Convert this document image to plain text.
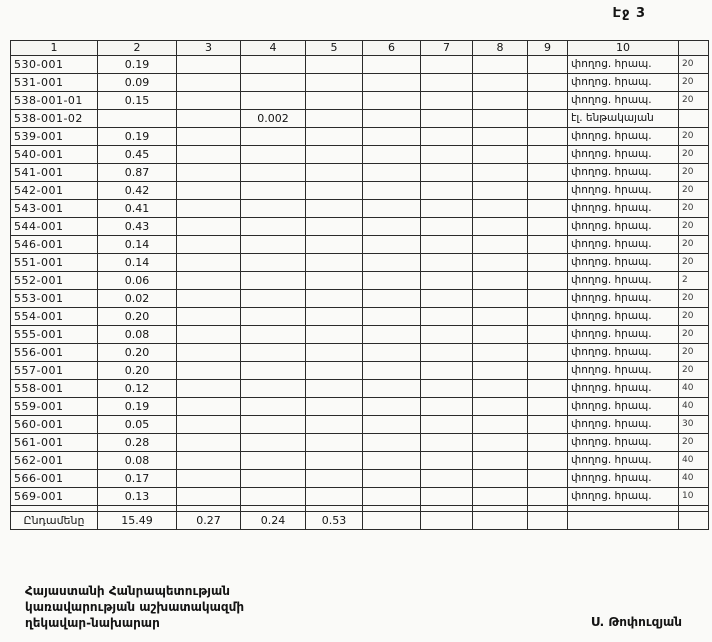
Էջ 3
1	2	3	4	5	6	7	8	9	10	
530-001	0.19								փողոց. հրապ.	20
531-001	0.09								փողոց. հրապ.	20
538-001-01	0.15								փողոց. հրապ.	20
538-001-02			0.002						էլ. ենթակայան	
539-001	0.19								փողոց. հրապ.	20
540-001	0.45								փողոց. հրապ.	20
541-001	0.87								փողոց. հրապ.	20
542-001	0.42								փողոց. հրապ.	20
543-001	0.41								փողոց. հրապ.	20
544-001	0.43								փողոց. հրապ.	20
546-001	0.14								փողոց. հրապ.	20
551-001	0.14								փողոց. հրապ.	20
552-001	0.06								փողոց. հրապ.	2
553-001	0.02								փողոց. հրապ.	20
554-001	0.20								փողոց. հրապ.	20
555-001	0.08								փողոց. հրապ.	20
556-001	0.20								փողոց. հրապ.	20
557-001	0.20								փողոց. հրապ.	20
558-001	0.12								փողոց. հրապ.	40
559-001	0.19								փողոց. հրապ.	40
560-001	0.05								փողոց. հրապ.	30
561-001	0.28								փողոց. հրապ.	20
562-001	0.08								փողոց. հրապ.	40
566-001	0.17								փողոց. հրապ.	40
569-001	0.13								փողոց. հրապ.	10

Ընդամենը	15.49	0.27	0.24	0.53						
Հայաստանի Հանրապետության
կառավարության աշխատակազմի
ղեկավար-նախարար	Ս. Թոփուզյան
